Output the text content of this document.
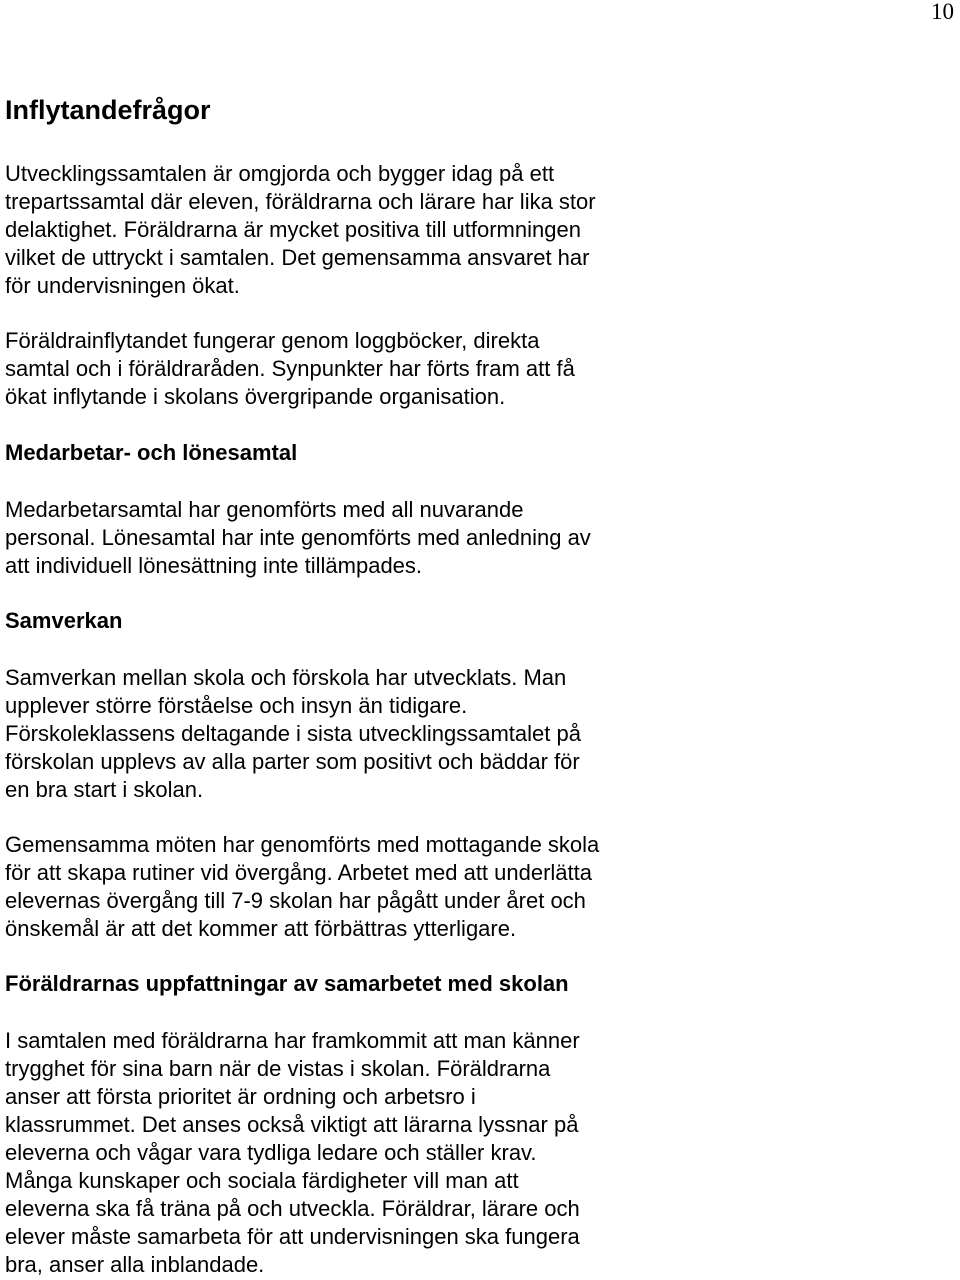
10
Inflytandefrågor
Utvecklingssamtalen är omgjorda och bygger idag på ett
trepartssamtal där eleven, föräldrarna och lärare har lika stor
delaktighet. Föräldrarna är mycket positiva till utformningen
vilket de uttryckt i samtalen. Det gemensamma ansvaret har
för undervisningen ökat.
Föräldrainflytandet fungerar genom loggböcker, direkta
samtal och i föräldraråden. Synpunkter har förts fram att få
ökat inflytande i skolans övergripande organisation.
Medarbetar- och lönesamtal
Medarbetarsamtal har genomförts med all nuvarande
personal. Lönesamtal har inte genomförts med anledning av
att individuell lönesättning inte tillämpades.
Samverkan
Samverkan mellan skola och förskola har utvecklats. Man
upplever större förståelse och insyn än tidigare.
Förskoleklassens deltagande i sista utvecklingssamtalet på
förskolan upplevs av alla parter som positivt och bäddar för
en bra start i skolan.
Gemensamma möten har genomförts med mottagande skola
för att skapa rutiner vid övergång. Arbetet med att underlätta
elevernas övergång till 7-9 skolan har pågått under året och
önskemål är att det kommer att förbättras ytterligare.
Föräldrarnas uppfattningar av samarbetet med skolan
I samtalen med föräldrarna har framkommit att man känner
trygghet för sina barn när de vistas i skolan. Föräldrarna
anser att första prioritet är ordning och arbetsro i
klassrummet. Det anses också viktigt att lärarna lyssnar på
eleverna och vågar vara tydliga ledare och ställer krav.
Många kunskaper och sociala färdigheter vill man att
eleverna ska få träna på och utveckla. Föräldrar, lärare och
elever måste samarbeta för att undervisningen ska fungera
bra, anser alla inblandade.
